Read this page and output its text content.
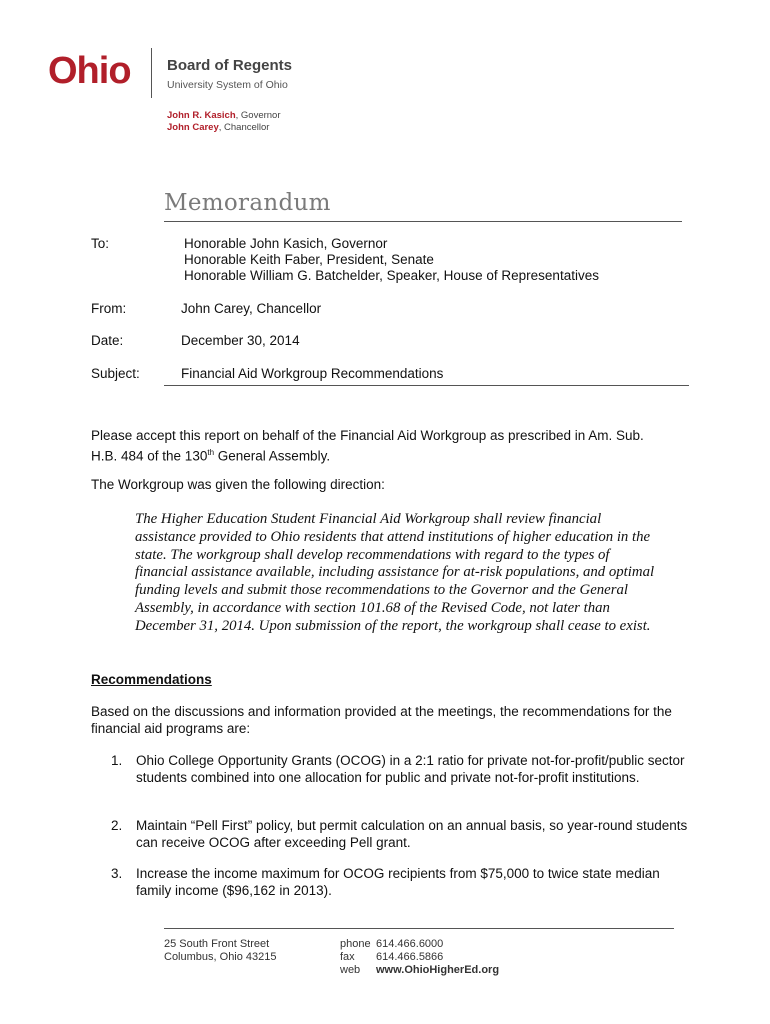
Ohio Board of Regents
University System of Ohio
John R. Kasich, Governor
John Carey, Chancellor
Memorandum
To:	Honorable John Kasich, Governor
Honorable Keith Faber, President, Senate
Honorable William G. Batchelder, Speaker, House of Representatives
From:	John Carey, Chancellor
Date:	December 30, 2014
Subject:	Financial Aid Workgroup Recommendations
Please accept this report on behalf of the Financial Aid Workgroup as prescribed in Am. Sub. H.B. 484 of the 130th General Assembly.
The Workgroup was given the following direction:
The Higher Education Student Financial Aid Workgroup shall review financial assistance provided to Ohio residents that attend institutions of higher education in the state. The workgroup shall develop recommendations with regard to the types of financial assistance available, including assistance for at-risk populations, and optimal funding levels and submit those recommendations to the Governor and the General Assembly, in accordance with section 101.68 of the Revised Code, not later than December 31, 2014. Upon submission of the report, the workgroup shall cease to exist.
Recommendations
Based on the discussions and information provided at the meetings, the recommendations for the financial aid programs are:
1. Ohio College Opportunity Grants (OCOG) in a 2:1 ratio for private not-for-profit/public sector students combined into one allocation for public and private not-for-profit institutions.
2. Maintain “Pell First” policy, but permit calculation on an annual basis, so year-round students can receive OCOG after exceeding Pell grant.
3. Increase the income maximum for OCOG recipients from $75,000 to twice state median family income ($96,162 in 2013).
25 South Front Street
Columbus, Ohio 43215
phone 614.466.6000
fax 614.466.5866
web www.OhioHigherEd.org
